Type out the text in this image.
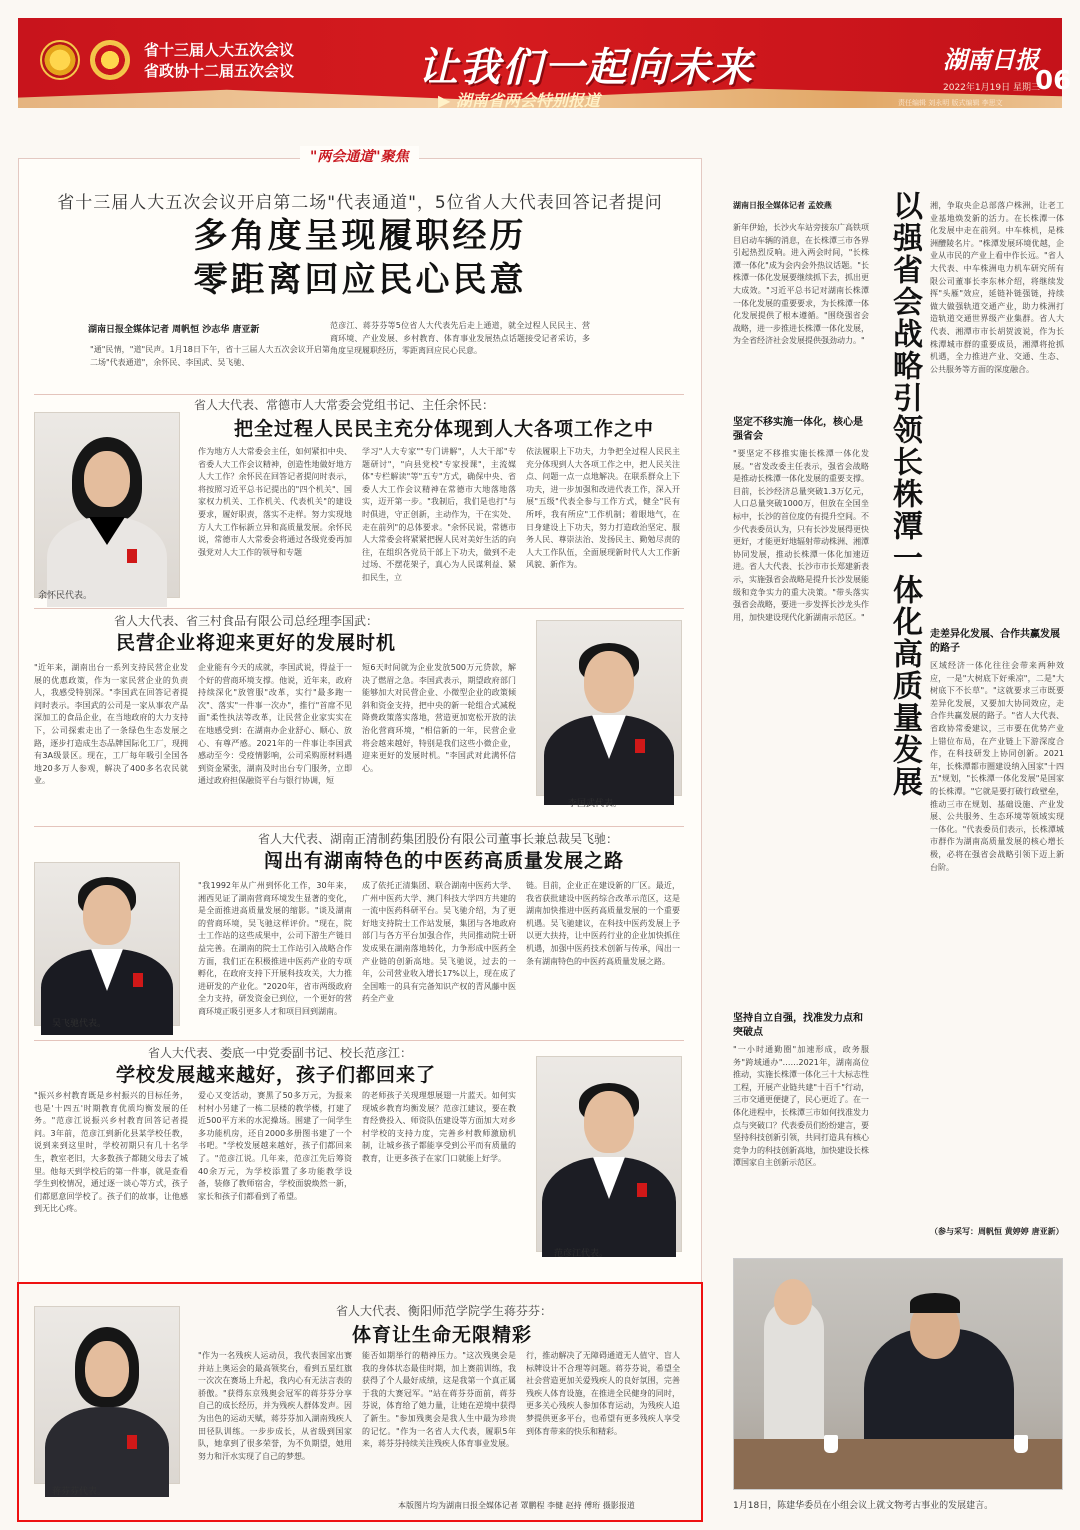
省十三届人大五次会议
省政协十二届五次会议	让我们一起向未来
▶ 湖南省两会特别报道
湖南日报
2022年1月19日 星期三
06
责任编辑 刘永明 版式编辑 李思文
"两会通道"聚焦
省十三届人大五次会议开启第二场"代表通道"，5位省人大代表回答记者提问
多角度呈现履职经历
零距离回应民心民意
湖南日报全媒体记者 周帆恒 沙志华 唐亚新
"通"民情，"道"民声。1月18日下午，省十三届人大五次会议开启第二场"代表通道"，余怀民、李国武、吴飞驰、
范彦江、蒋芬芬等5位省人大代表先后走上通道，就全过程人民民主、营商环境、产业发展、乡村教育、体育事业发展热点话题接受记者采访，多角度呈现履职经历，零距离回应民心民意。
省人大代表、常德市人大常委会党组书记、主任余怀民：
把全过程人民民主充分体现到人大各项工作之中
余怀民代表。
作为地方人大常委会主任，如何紧扣中央、省委人大工作会议精神，创造性地做好地方人大工作？余怀民在回答记者提问时表示，将按照习近平总书记提出的"四个机关"、国家权力机关、工作机关、代表机关"的建设要求，履好职责，落实不走样。努力实现地方人大工作标新立异和高质量发展。余怀民说，常德市人大常委会将通过各级党委再加强党对人大工作的领导和专题
学习"人大专家""专门讲解"，人大干部"专题研讨"，"向县党校"专家授课"，主流媒体"专栏解读"等"五专"方式，确保中央、省委人大工作会议精神在常德市大地落地落实，迈开第一步。"我制后，我们是也打"与时俱进，守正创新，主动作为，干在实处、走在前列"的总体要求。"余怀民说，常德市人大常委会将紧紧把握人民对美好生活的向往，在组织各党员干部上下功夫，做到不走过场、不摆花架子，真心为人民谋利益、紧扣民生，立
依法履职上下功夫，力争把全过程人民民主充分体现到人大各项工作之中，把人民关注点、问题一点一点地解决。在联系群众上下功夫，进一步加强和改进代表工作，深入开展"五级"代表全参与工作方式，健全"民有所呼，我有所应"工作机制；着眼地气，在日身建设上下功夫，努力打造政治坚定、服务人民、尊崇法治、发扬民主、勤勉尽责的人大工作队伍，全面展现新时代人大工作新风貌、新作为。
省人大代表、省三村食品有限公司总经理李国武：
民营企业将迎来更好的发展时机
李国武代表。
"近年来，湖南出台一系列支持民营企业发展的优惠政策，作为一家民营企业的负责人，我感受特别深。"李国武在回答记者提问时表示。李国武的公司是一家从事农产品深加工的食品企业，在当地政府的大力支持下，公司探索走出了一条绿色生态发展之路，逐步打造成生态品牌国际化工厂，现拥有3A级景区。现在，工厂每年吸引全国各地20多万人参观，解决了400多名农民就业。
企业能有今天的成就，李国武说，得益于一个好的营商环境支撑。他说，近年来，政府持续深化"放管服"改革，实行"最多跑一次"、落实"一件事一次办"，推行"首席不见面"柔性执法等改革，让民营企业家实实在在地感受到：在湖南办企业舒心、顺心、放心、有尊严感。2021年的一件事让李国武感动至今：受疫情影响，公司采购原材料遇到资金紧张，湖南及时出台专门服务，立即通过政府担保融资平台与银行协调，短
短6天时间就为企业发放500万元贷款，解决了燃眉之急。李国武表示，期望政府部门能够加大对民营企业、小微型企业的政策倾斜和资金支持，把中央的新一轮组合式减税降费政策落实落地，营造更加宽松开放的法治化营商环境，"相信新的一年，民营企业将会越来越好，特别是我们这些小微企业，迎来更好的发展时机。"李国武对此满怀信心。
省人大代表、湖南正清制药集团股份有限公司董事长兼总裁吴飞驰：
闯出有湖南特色的中医药高质量发展之路
吴飞驰代表。
"我1992年从广州到怀化工作，30年来，湘西见证了湖南营商环境发生显著的变化，是全面推进高质量发展的缩影。"谈及湖南的营商环境，吴飞驰这样评价。"现在，院士工作站的这些成果中，公司下游生产链日益完善。在湖南的院士工作站引入战略合作方面，我们正在积极推进中医药产业的专项孵化，在政府支持下开展科技攻关，大力推进研发的产业化。"2020年，省市两级政府全力支持，研发资金已到位，一个更好的营商环境正吸引更多人才和项目回到湖南。
成了依托正清集团、联合湖南中医药大学、广州中医药大学、澳门科技大学四方共建的一流中医药科研平台。吴飞驰介绍，为了更好地支持院士工作站发展，集团与各地政府部门与各方平台加强合作，共同推动院士研发成果在湖南落地转化，力争形成中医药全产业链的创新高地。吴飞驰说，过去的一年，公司营业收入增长17%以上，现在成了全国唯一的具有完备知识产权的青风藤中医药全产业
链。目前，企业正在建设新的厂区。最近，我省获批建设中医药综合改革示范区，这是湖南加快推进中医药高质量发展的一个重要机遇。吴飞驰建议，在科技中医药发展上予以更大扶持，让中医药行业的企业加快抓住机遇，加强中医药技术创新与传承，闯出一条有湖南特色的中医药高质量发展之路。
省人大代表、娄底一中党委副书记、校长范彦江：
学校发展越来越好，孩子们都回来了
范彦江代表。
"振兴乡村教育既是乡村振兴的目标任务，也是'十四五'时期教育优质均衡发展的任务。"范彦江说振兴乡村教育回答记者提问。3年前，范彦江到新化县某学校任教，说到来到这里时，学校初期只有几十名学生，教室老旧，大多数孩子都随父母去了城里。他每天到学校后的第一件事，就是查看学生到校情况，通过逐一谈心等方式，孩子们都愿意回学校了。孩子们的故事，让他感到无比心疼。
爱心又变活动，赛黑了50多万元，为报来村村小另建了一栋二层楼的教学楼，打建了近500平方米的水泥操场。围建了一间学生多功能机房，还自2000多册图书建了一个书吧。"学校发展越来越好，孩子们都回来了。"范彦江说。几年来，范彦江先后筹资40余万元，为学校添置了多功能教学设备，装修了教师宿舍，学校面貌焕然一新，家长和孩子们都看到了希望。
的老师孩子关现理想展翅一片蓝天。如何实现城乡教育均衡发展？范彦江建议，要在教育经费投入、师资队伍建设等方面加大对乡村学校的支持力度，完善乡村教师激励机制，让城乡孩子都能享受到公平而有质量的教育，让更多孩子在家门口就能上好学。
省人大代表、衡阳师范学院学生蒋芬芬：
体育让生命无限精彩
蒋芬芬代表。
"作为一名残疾人运动员，我代表国家出赛并站上奥运会的最高领奖台，看到五星红旗一次次在赛场上升起，我内心有无法言表的骄傲。"获得东京残奥会冠军的蒋芬芬分享自己的成长经历，并为残疾人群体发声。因为出色的运动天赋，蒋芬芬加入湖南残疾人田径队训练。一步步成长，从省级到国家队，她拿到了很多荣誉，为不负期望，她用努力和汗水实现了自己的梦想。
能否如期举行的精神压力。"这次残奥会是我的身体状态最佳时期，加上赛前训练，我获得了个人最好成绩，这是我第一个真正属于我的大赛冠军。"站在蒋芬芬面前，蒋芬芬说，体育给了她力量，让她在逆境中获得了新生。"参加残奥会是我人生中最为珍贵的记忆。"作为一名省人大代表，履职5年来，蒋芬芬持续关注残疾人体育事业发展。
行，推动解决了无障碍通道无人值守、盲人标牌设计不合理等问题。蒋芬芬说，希望全社会营造更加关爱残疾人的良好氛围，完善残疾人体育设施，在推进全民健身的同时，更多关心残疾人参加体育运动，为残疾人追梦提供更多平台，也希望有更多残疾人享受到体育带来的快乐和精彩。
本版图片均为湖南日报全媒体记者 罩鹏程 李健 赵持 傅珩 摄影报道
以强省会战略引领长株潭一体化高质量发展
湖南日报全媒体记者 孟姣燕
新年伊始，长沙火车站旁接东广高铁项目启动车辆的消息，在长株潭三市各界引起热烈反响。进入两会时间，"长株潭一体化"成为会内会外热议话题。"长株潭一体化发展要继续抓下去，抓出更大成效。"习近平总书记对湖南长株潭一体化发展的重要要求，为长株潭一体化发展提供了根本遵循。"围绕强省会战略，进一步推进长株潭一体化发展，为全省经济社会发展提供强劲动力。"
坚定不移实施一体化，核心是强省会
"要坚定不移推实施长株潭一体化发展。"省发改委主任表示，强省会战略是推动长株潭一体化发展的重要支撑。目前，长沙经济总量突破1.3万亿元，人口总量突破1000万，但放在全国坐标中，长沙的首位度仍有提升空间。不少代表委员认为，只有长沙发展得更快更好，才能更好地辐射带动株洲、湘潭协同发展，推动长株潭一体化加速迈进。省人大代表、长沙市市长郑建新表示，实施强省会战略是提升长沙发展能级和竞争实力的重大决策。"带头落实强省会战略，要进一步发挥长沙龙头作用，加快建设现代化新湖南示范区。"
坚持自立自强，找准发力点和突破点
"一小时通勤圈"加速形成，政务服务"跨域通办"……2021年，湖南高位推动，实施长株潭一体化三十大标志性工程，开展产业链共建"十百千"行动，三市交通更便捷了，民心更近了。在一体化进程中，长株潭三市如何找准发力点与突破口？代表委员们纷纷建言，要坚持科技创新引领，共同打造具有核心竞争力的科技创新高地，加快建设长株潭国家自主创新示范区。
湘，争取央企总部落户株洲，让老工业基地焕发新的活力。在长株潭一体化发展中走在前列。中车株机，是株洲醴陵名片。"株潭发展环境优越，企业从市民的产业上看中作长远。"省人大代表、中车株洲电力机车研究所有限公司董事长李东林介绍，将继续发挥"头雁"效应，延链补链强链，持续做大做强轨道交通产业，助力株洲打造轨道交通世界级产业集群。省人大代表、湘潭市市长胡贺波说，作为长株潭城市群的重要成员，湘潭将抢抓机遇，全力推进产业、交通、生态、公共服务等方面的深度融合。
走差异化发展、合作共赢发展的路子
区域经济一体化往往会带来两种效应，一是"大树底下好乘凉"，二是"大树底下不长草"。"这就要求三市既要差异化发展，又要加大协同效应，走合作共赢发展的路子。"省人大代表、省政协常委建议，三市要在优势产业上错位布局，在产业链上下游深度合作，在科技研发上协同创新。2021年，长株潭都市圈建设纳入国家"十四五"规划，"长株潭一体化发展"是国家的长株潭。"它就是要打破行政壁垒，推动三市在规划、基础设施、产业发展、公共服务、生态环境等领域实现一体化。"代表委员们表示，长株潭城市群作为湖南高质量发展的核心增长极，必将在强省会战略引领下迈上新台阶。
（参与采写：周帆恒 黄婷婷 唐亚新）
1月18日，陈建华委员在小组会议上就文物考古事业的发展建言。
